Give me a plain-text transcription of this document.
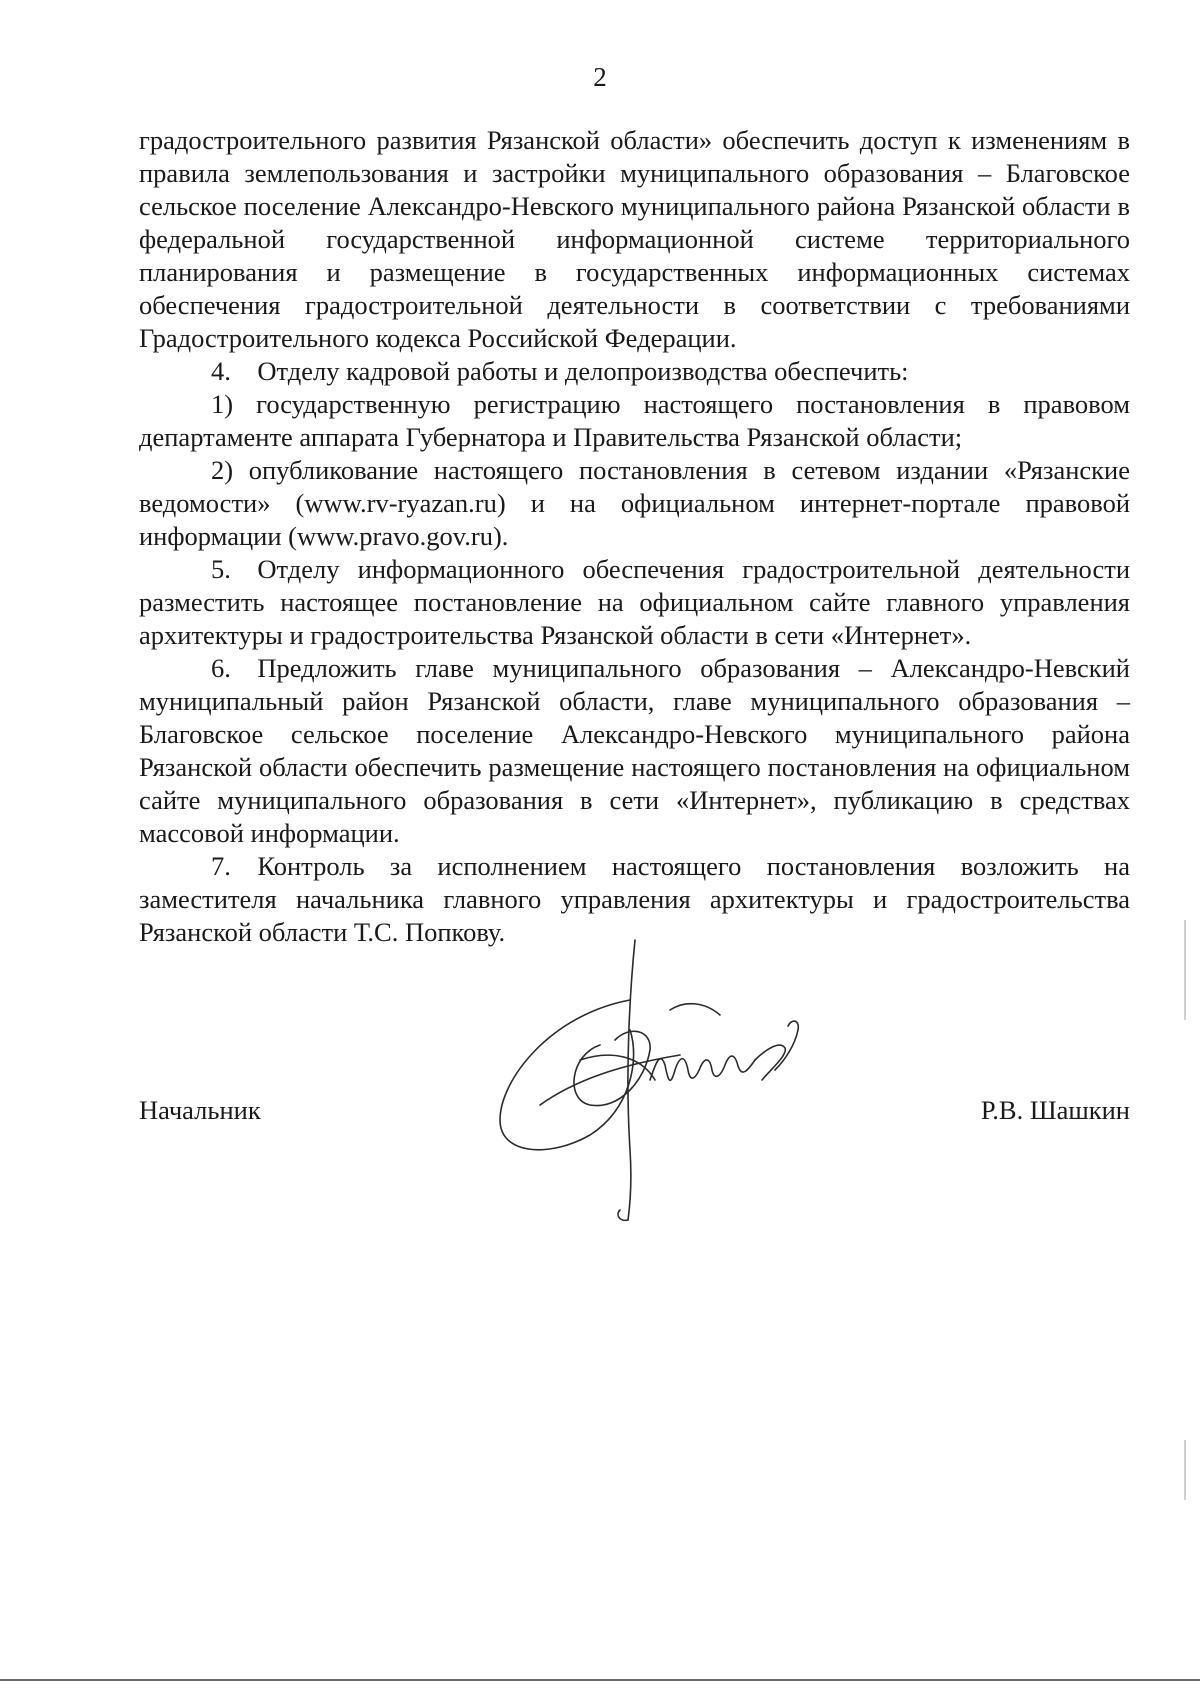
2

градостроительного развития Рязанской области» обеспечить доступ к изменениям в правила землепользования и застройки муниципального образования – Благовское сельское поселение Александро-Невского муниципального района Рязанской области в федеральной государственной информационной системе территориального планирования и размещение в государственных информационных системах обеспечения градостроительной деятельности в соответствии с требованиями Градостроительного кодекса Российской Федерации.

4. Отделу кадровой работы и делопроизводства обеспечить:

1) государственную регистрацию настоящего постановления в правовом департаменте аппарата Губернатора и Правительства Рязанской области;

2) опубликование настоящего постановления в сетевом издании «Рязанские ведомости» (www.rv-ryazan.ru) и на официальном интернет-портале правовой информации (www.pravo.gov.ru).

5. Отделу информационного обеспечения градостроительной деятельности разместить настоящее постановление на официальном сайте главного управления архитектуры и градостроительства Рязанской области в сети «Интернет».

6. Предложить главе муниципального образования – Александро-Невский муниципальный район Рязанской области, главе муниципального образования – Благовское сельское поселение Александро-Невского муниципального района Рязанской области обеспечить размещение настоящего постановления на официальном сайте муниципального образования в сети «Интернет», публикацию в средствах массовой информации.

7. Контроль за исполнением настоящего постановления возложить на заместителя начальника главного управления архитектуры и градостроительства Рязанской области Т.С. Попкову.

Начальник	Р.В. Шашкин
